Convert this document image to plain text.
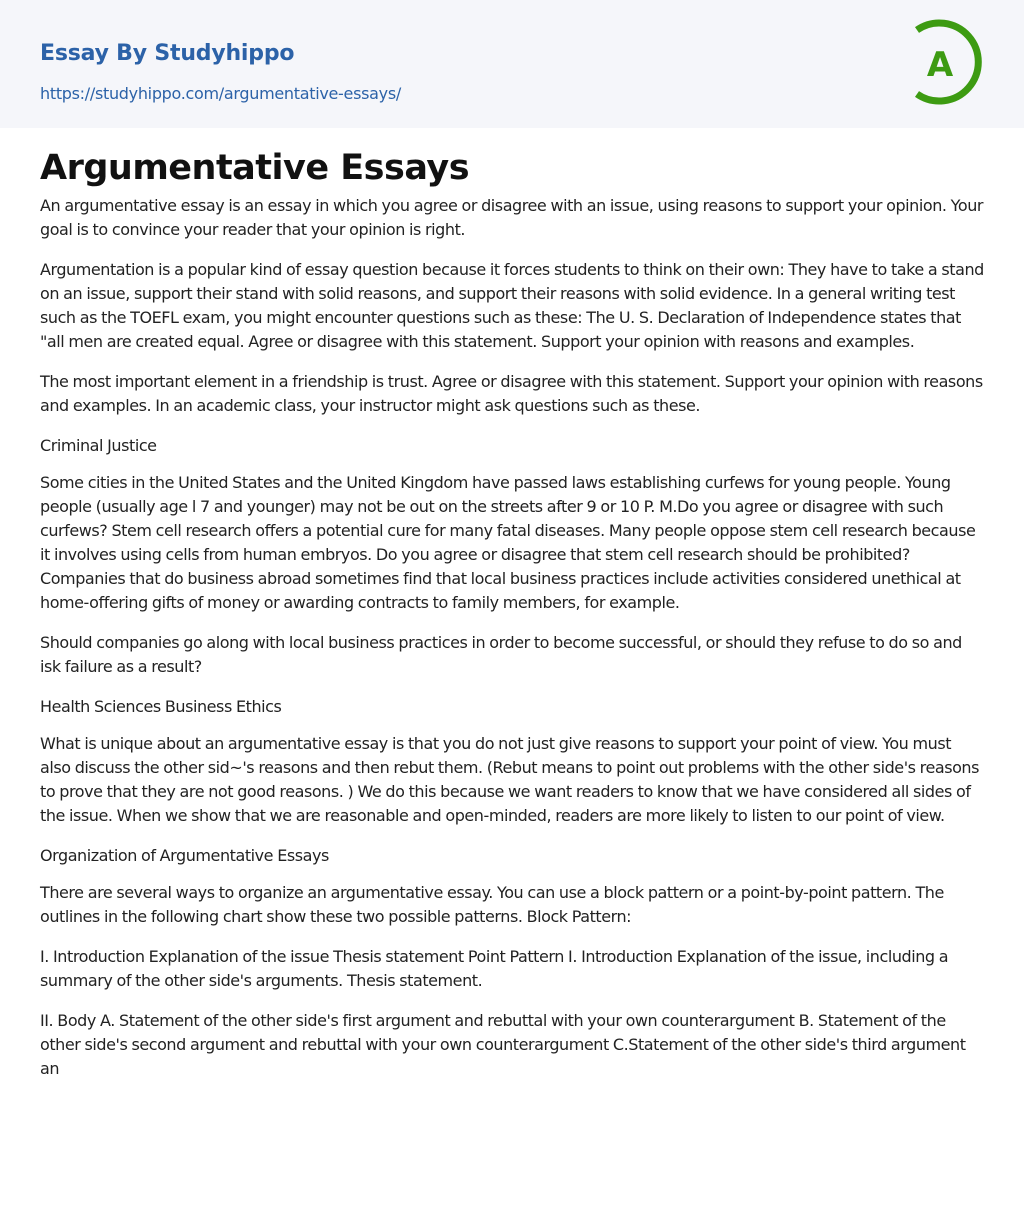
Essay By Studyhippo
https://studyhippo.com/argumentative-essays/
A
Argumentative Essays

An argumentative essay is an essay in which you agree or disagree with an issue, using reasons to support your opinion. Your goal is to convince your reader that your opinion is right.

Argumentation is a popular kind of essay question because it forces students to think on their own: They have to take a stand on an issue, support their stand with solid reasons, and support their reasons with solid evidence. In a general writing test such as the TOEFL exam, you might encounter questions such as these: The U. S. Declaration of Independence states that "all men are created equal. Agree or disagree with this statement. Support your opinion with reasons and examples.

The most important element in a friendship is trust. Agree or disagree with this statement. Support your opinion with reasons and examples. In an academic class, your instructor might ask questions such as these.

Criminal Justice

Some cities in the United States and the United Kingdom have passed laws establishing curfews for young people. Young people (usually age l 7 and younger) may not be out on the streets after 9 or 10 P. M.Do you agree or disagree with such curfews? Stem cell research offers a potential cure for many fatal diseases. Many people oppose stem cell research because it involves using cells from human embryos. Do you agree or disagree that stem cell research should be prohibited? Companies that do business abroad sometimes find that local business practices include activities considered unethical at home-offering gifts of money or awarding contracts to family members, for example.

Should companies go along with local business practices in order to become successful, or should they refuse to do so and isk failure as a result?

Health Sciences Business Ethics

What is unique about an argumentative essay is that you do not just give reasons to support your point of view. You must also discuss the other sid~'s reasons and then rebut them. (Rebut means to point out problems with the other side's reasons to prove that they are not good reasons. ) We do this because we want readers to know that we have considered all sides of the issue. When we show that we are reasonable and open-minded, readers are more likely to listen to our point of view.

Organization of Argumentative Essays

There are several ways to organize an argumentative essay. You can use a block pattern or a point-by-point pattern. The outlines in the following chart show these two possible patterns. Block Pattern:

I. Introduction Explanation of the issue Thesis statement Point Pattern I. Introduction Explanation of the issue, including a summary of the other side's arguments. Thesis statement.

II. Body A. Statement of the other side's first argument and rebuttal with your own counterargument B. Statement of the other side's second argument and rebuttal with your own counterargument C.Statement of the other side's third argument an
